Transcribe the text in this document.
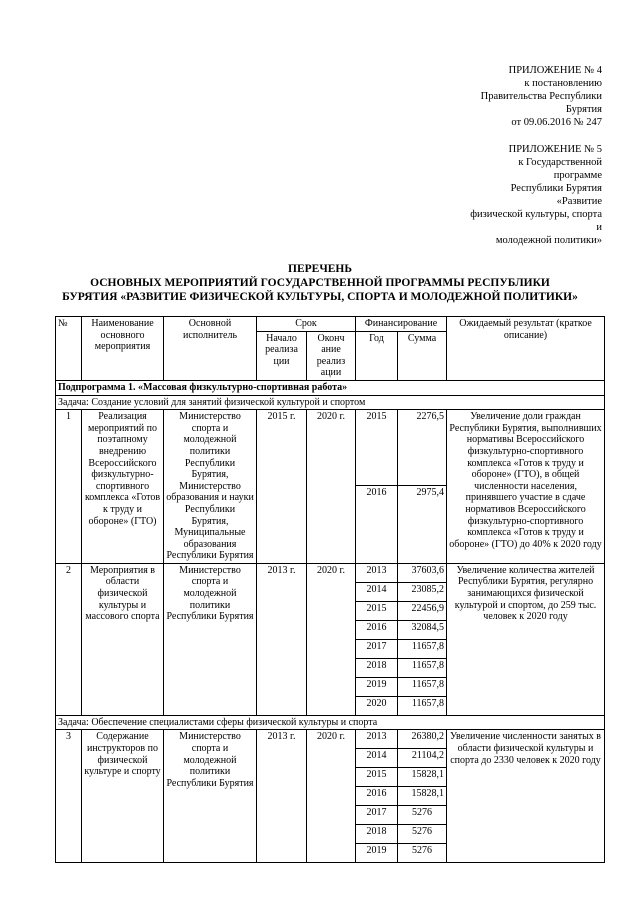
ПРИЛОЖЕНИЕ № 4
к постановлению
Правительства Республики
Бурятия
от 09.06.2016 № 247
ПРИЛОЖЕНИЕ № 5
к Государственной
программе
Республики Бурятия
«Развитие
физической культуры, спорта
и
молодежной политики»
ПЕРЕЧЕНЬ
ОСНОВНЫХ МЕРОПРИЯТИЙ ГОСУДАРСТВЕННОЙ ПРОГРАММЫ РЕСПУБЛИКИ
БУРЯТИЯ «РАЗВИТИЕ ФИЗИЧЕСКОЙ КУЛЬТУРЫ, СПОРТА И МОЛОДЕЖНОЙ ПОЛИТИКИ»
№	Наименование основного мероприятия	Основной исполнитель	Срок		Финансирование		Ожидаемый результат (краткое описание)
			Начало реализа ции	Оконч ание реализ ации	Год	Сумма	
Подпрограмма 1. «Массовая физкультурно-спортивная работа»							
Задача: Создание условий для занятий физической культурой и спортом							
1	Реализация мероприятий по поэтапному внедрению Всероссийского физкультурно-спортивного комплекса «Готов к труду и обороне» (ГТО)	Министерство спорта и молодежной политики Республики Бурятия, Министерство образования и науки Республики Бурятия, Муниципальные образования Республики Бурятия	2015 г.	2020 г.	2015	2276,5	Увеличение доли граждан Республики Бурятия, выполнивших нормативы Всероссийского физкультурно-спортивного комплекса «Готов к труду и обороне» (ГТО), в общей численности населения, принявшего участие в сдаче нормативов Всероссийского физкультурно-спортивного комплекса «Готов к труду и обороне» (ГТО) до 40% к 2020 году
					2016	2975,4	
2	Мероприятия в области физической культуры и массового спорта	Министерство спорта и молодежной политики Республики Бурятия	2013 г.	2020 г.	2013	37603,6	Увеличение количества жителей Республики Бурятия, регулярно занимающихся физической культурой и спортом, до 259 тыс. человек к 2020 году
					2014	23085,2	
					2015	22456,9	
					2016	32084,5	
					2017	11657,8	
					2018	11657,8	
					2019	11657,8	
					2020	11657,8	
Задача: Обеспечение специалистами сферы физической культуры и спорта							
3	Содержание инструкторов по физической культуре и спорту	Министерство спорта и молодежной политики Республики Бурятия	2013 г.	2020 г.	2013	26380,2	Увеличение численности занятых в области физической культуры и спорта до 2330 человек к 2020 году
					2014	21104,2	
					2015	15828,1	
					2016	15828,1	
					2017	5276	
					2018	5276	
					2019	5276	
